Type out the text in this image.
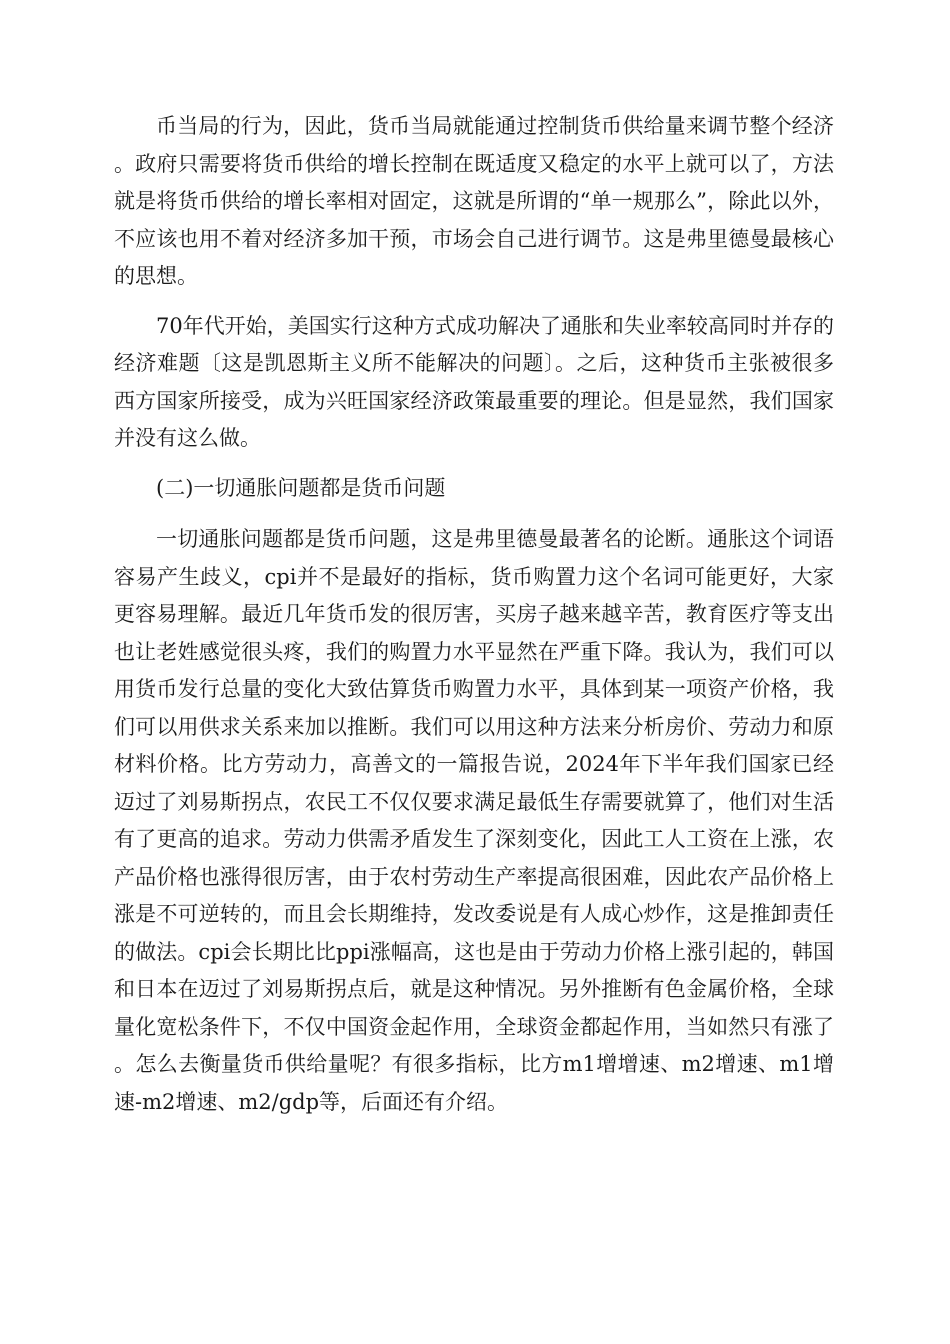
币当局的行为，因此，货币当局就能通过控制货币供给量来调节整个经济。政府只需要将货币供给的增长控制在既适度又稳定的水平上就可以了，方法就是将货币供给的增长率相对固定，这就是所谓的“单一规那么”，除此以外，不应该也用不着对经济多加干预，市场会自己进行调节。这是弗里德曼最核心的思想。

70年代开始，美国实行这种方式成功解决了通胀和失业率较高同时并存的经济难题〔这是凯恩斯主义所不能解决的问题〕。之后，这种货币主张被很多西方国家所接受，成为兴旺国家经济政策最重要的理论。但是显然，我们国家并没有这么做。

(二)一切通胀问题都是货币问题

一切通胀问题都是货币问题，这是弗里德曼最著名的论断。通胀这个词语容易产生歧义，cpi并不是最好的指标，货币购置力这个名词可能更好，大家更容易理解。最近几年货币发的很厉害，买房子越来越辛苦，教育医疗等支出也让老姓感觉很头疼，我们的购置力水平显然在严重下降。我认为，我们可以用货币发行总量的变化大致估算货币购置力水平，具体到某一项资产价格，我们可以用供求关系来加以推断。我们可以用这种方法来分析房价、劳动力和原材料价格。比方劳动力，高善文的一篇报告说，2024年下半年我们国家已经迈过了刘易斯拐点，农民工不仅仅要求满足最低生存需要就算了，他们对生活有了更高的追求。劳动力供需矛盾发生了深刻变化，因此工人工资在上涨，农产品价格也涨得很厉害，由于农村劳动生产率提高很困难，因此农产品价格上涨是不可逆转的，而且会长期维持，发改委说是有人成心炒作，这是推卸责任的做法。cpi会长期比比ppi涨幅高，这也是由于劳动力价格上涨引起的，韩国和日本在迈过了刘易斯拐点后，就是这种情况。另外推断有色金属价格，全球量化宽松条件下，不仅中国资金起作用，全球资金都起作用，当如然只有涨了。怎么去衡量货币供给量呢？有很多指标，比方m1增增速、m2增速、m1增速-m2增速、m2/gdp等，后面还有介绍。
